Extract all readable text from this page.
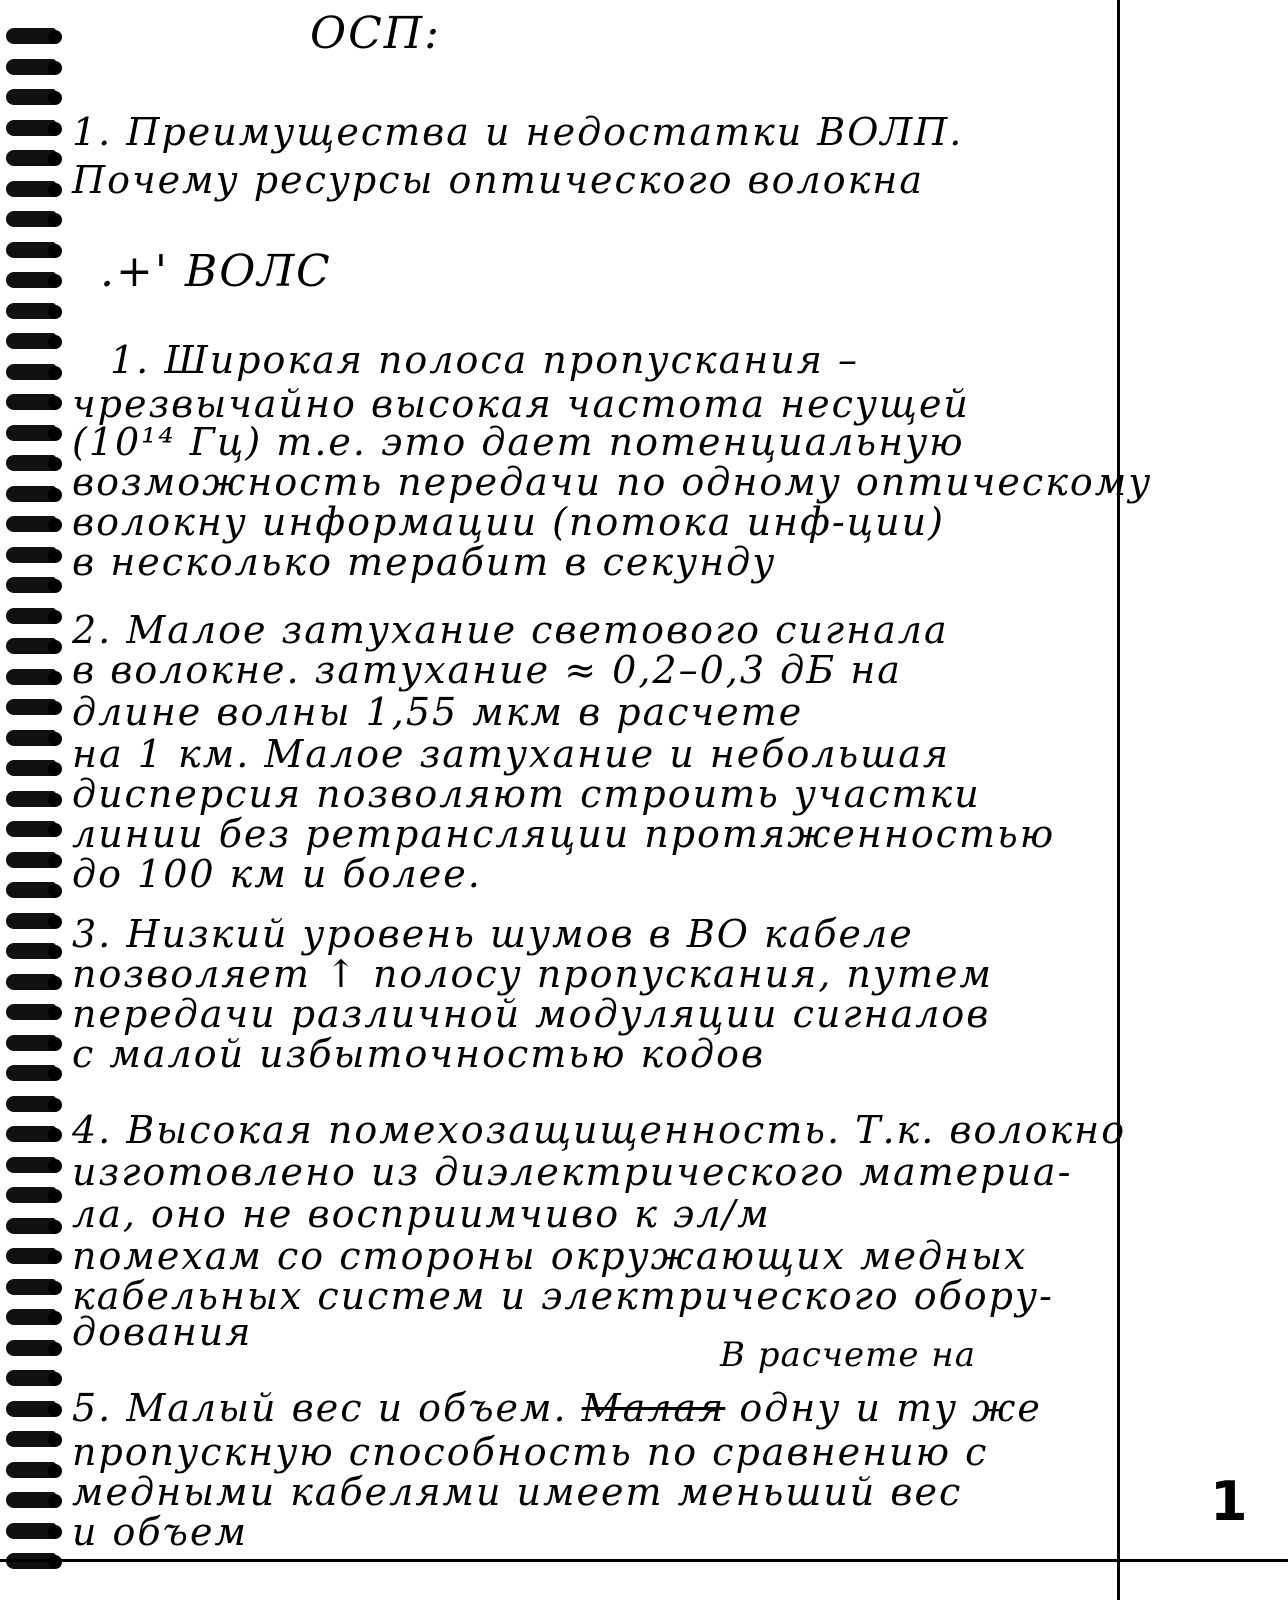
ОСП:
1. Преимущества и недостатки ВОЛП.
Почему ресурсы оптического волокна
.+' ВОЛС
1. Широкая полоса пропускания –
чрезвычайно высокая частота несущей
(10¹⁴ Гц) т.е. это дает потенциальную
возможность передачи по одному оптическому
волокну информации (потока инф-ции)
в несколько терабит в секунду
2. Малое затухание светового сигнала
в волокне. затухание ≈ 0,2–0,3 дБ на
длине волны 1,55 мкм в расчете
на 1 км. Малое затухание и небольшая
дисперсия позволяют строить участки
линии без ретрансляции протяженностью
до 100 км и более.
3. Низкий уровень шумов в ВО кабеле
позволяет ↑ полосу пропускания, путем
передачи различной модуляции сигналов
с малой избыточностью кодов
4. Высокая помехозащищенность. Т.к. волокно
изготовлено из диэлектрического материа-
ла, оно не восприимчиво к эл/м
помехам со стороны окружающих медных
кабельных систем и электрического обору-
дования
В расчете на
5. Малый вес и объем. Малая одну и ту же
пропускную способность по сравнению с
медными кабелями имеет меньший вес
и объем	1
